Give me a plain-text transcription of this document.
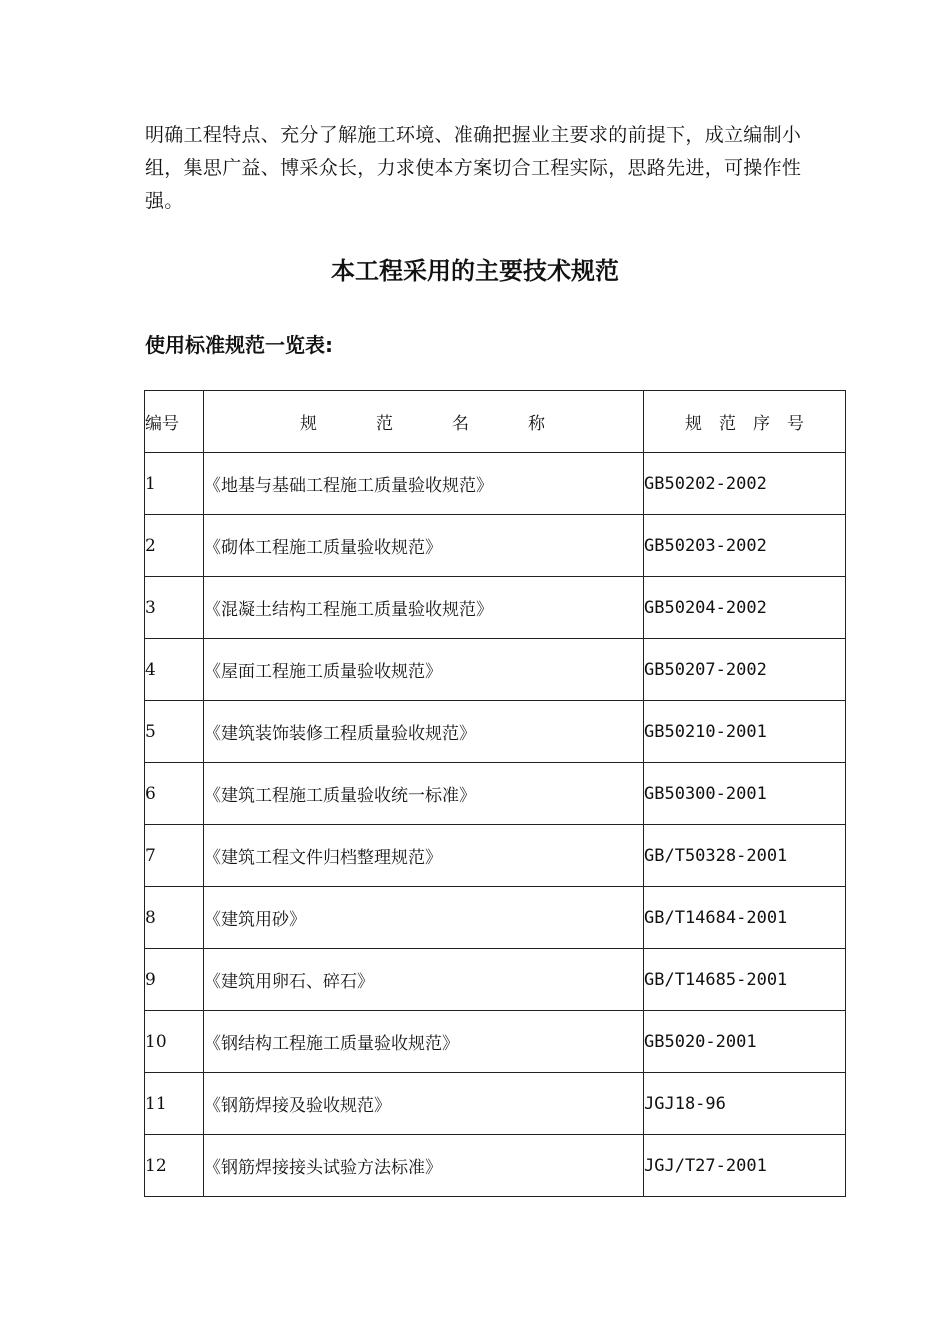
明确工程特点、充分了解施工环境、准确把握业主要求的前提下，成立编制小
组，集思广益、博采众长，力求使本方案切合工程实际，思路先进，可操作性
强。
本工程采用的主要技术规范
使用标准规范一览表:
编号	规　　　范　　　名　　　称	规　范　序　号
1	《地基与基础工程施工质量验收规范》	GB50202-2002
2	《砌体工程施工质量验收规范》	GB50203-2002
3	《混凝土结构工程施工质量验收规范》	GB50204-2002
4	《屋面工程施工质量验收规范》	GB50207-2002
5	《建筑装饰装修工程质量验收规范》	GB50210-2001
6	《建筑工程施工质量验收统一标准》	GB50300-2001
7	《建筑工程文件归档整理规范》	GB/T50328-2001
8	《建筑用砂》	GB/T14684-2001
9	《建筑用卵石、碎石》	GB/T14685-2001
10	《钢结构工程施工质量验收规范》	GB5020-2001
11	《钢筋焊接及验收规范》	JGJ18-96
12	《钢筋焊接接头试验方法标准》	JGJ/T27-2001
